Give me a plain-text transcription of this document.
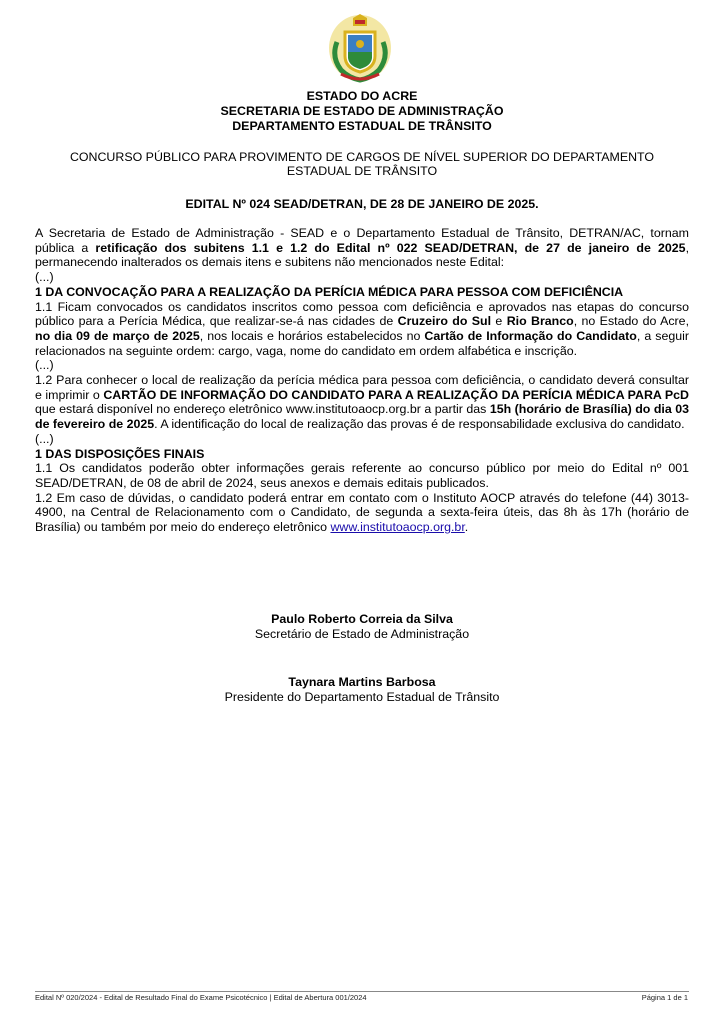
ESTADO DO ACRE
SECRETARIA DE ESTADO DE ADMINISTRAÇÃO
DEPARTAMENTO ESTADUAL DE TRÂNSITO
CONCURSO PÚBLICO PARA PROVIMENTO DE CARGOS DE NÍVEL SUPERIOR DO DEPARTAMENTO
ESTADUAL DE TRÂNSITO
EDITAL Nº 024 SEAD/DETRAN, DE 28 DE JANEIRO DE 2025.

A Secretaria de Estado de Administração - SEAD e o Departamento Estadual de Trânsito, DETRAN/AC, tornam pública a retificação dos subitens 1.1 e 1.2 do Edital nº 022 SEAD/DETRAN, de 27 de janeiro de 2025, permanecendo inalterados os demais itens e subitens não mencionados neste Edital:

(...)

1 DA CONVOCAÇÃO PARA A REALIZAÇÃO DA PERÍCIA MÉDICA PARA PESSOA COM DEFICIÊNCIA

1.1 Ficam convocados os candidatos inscritos como pessoa com deficiência e aprovados nas etapas do concurso público para a Perícia Médica, que realizar-se-á nas cidades de Cruzeiro do Sul e Rio Branco, no Estado do Acre, no dia 09 de março de 2025, nos locais e horários estabelecidos no Cartão de Informação do Candidato, a seguir relacionados na seguinte ordem: cargo, vaga, nome do candidato em ordem alfabética e inscrição.

(...)

1.2 Para conhecer o local de realização da perícia médica para pessoa com deficiência, o candidato deverá consultar e imprimir o CARTÃO DE INFORMAÇÃO DO CANDIDATO PARA A REALIZAÇÃO DA PERÍCIA MÉDICA PARA PcD que estará disponível no endereço eletrônico www.institutoaocp.org.br a partir das 15h (horário de Brasília) do dia 03 de fevereiro de 2025. A identificação do local de realização das provas é de responsabilidade exclusiva do candidato.

(...)

1 DAS DISPOSIÇÕES FINAIS

1.1 Os candidatos poderão obter informações gerais referente ao concurso público por meio do Edital nº 001 SEAD/DETRAN, de 08 de abril de 2024, seus anexos e demais editais publicados.

1.2 Em caso de dúvidas, o candidato poderá entrar em contato com o Instituto AOCP através do telefone (44) 3013-4900, na Central de Relacionamento com o Candidato, de segunda a sexta-feira úteis, das 8h às 17h (horário de Brasília) ou também por meio do endereço eletrônico www.institutoaocp.org.br.

Paulo Roberto Correia da Silva
Secretário de Estado de Administração
Taynara Martins Barbosa
Presidente do Departamento Estadual de Trânsito
Edital Nº 020/2024 - Edital de Resultado Final do Exame Psicotécnico | Edital de Abertura 001/2024	Página 1 de 1
